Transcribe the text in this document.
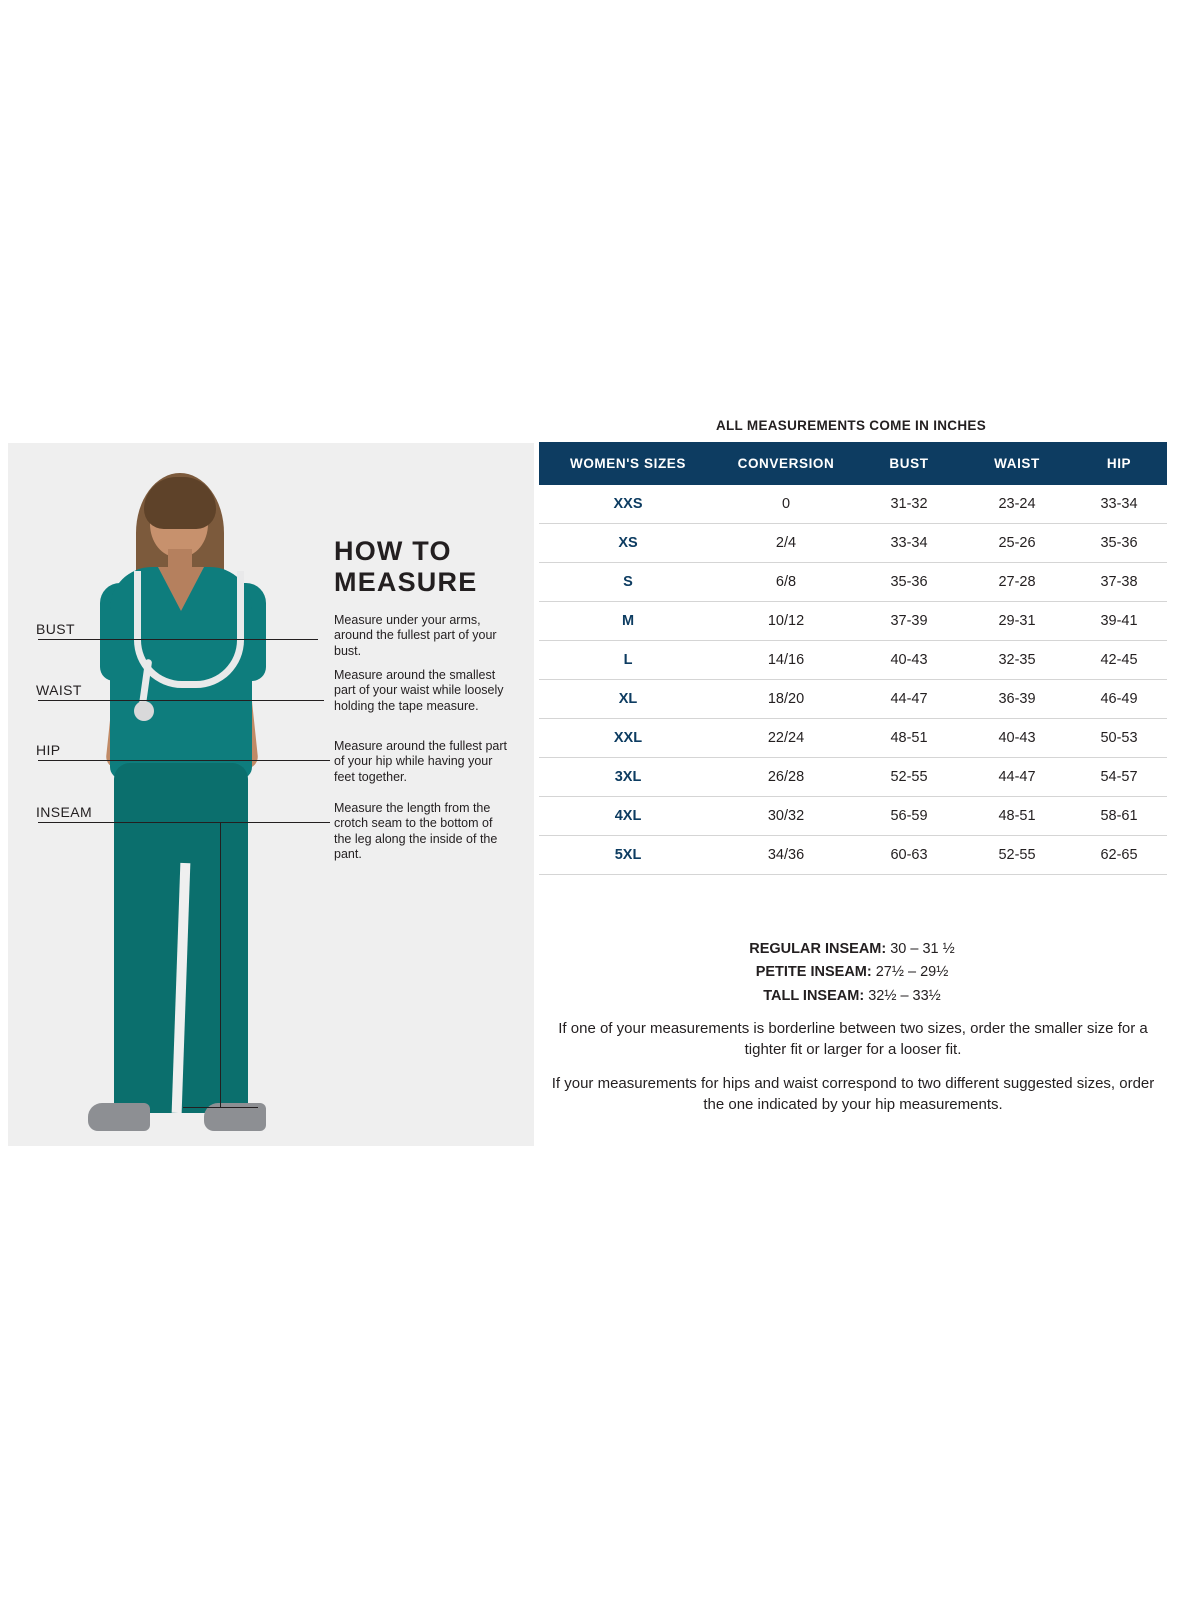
BUST
WAIST
HIP
INSEAM
HOW TO
MEASURE
Measure under your arms, around the fullest part of your bust.
Measure around the smallest part of your waist while loosely holding the tape measure.
Measure around the fullest part of your hip while having your feet together.
Measure the length from the crotch seam to the bottom of the leg along the inside of the pant.
ALL MEASUREMENTS COME IN INCHES
WOMEN'S SIZES	CONVERSION	BUST	WAIST	HIP
XXS	0	31-32	23-24	33-34
XS	2/4	33-34	25-26	35-36
S	6/8	35-36	27-28	37-38
M	10/12	37-39	29-31	39-41
L	14/16	40-43	32-35	42-45
XL	18/20	44-47	36-39	46-49
XXL	22/24	48-51	40-43	50-53
3XL	26/28	52-55	44-47	54-57
4XL	30/32	56-59	48-51	58-61
5XL	34/36	60-63	52-55	62-65
REGULAR INSEAM: 30 – 31 ½
PETITE INSEAM: 27½ – 29½
TALL INSEAM: 32½ – 33½
If one of your measurements is borderline between two sizes, order the smaller size for a tighter fit or larger for a looser fit.
If your measurements for hips and waist correspond to two different suggested sizes, order the one indicated by your hip measurements.
